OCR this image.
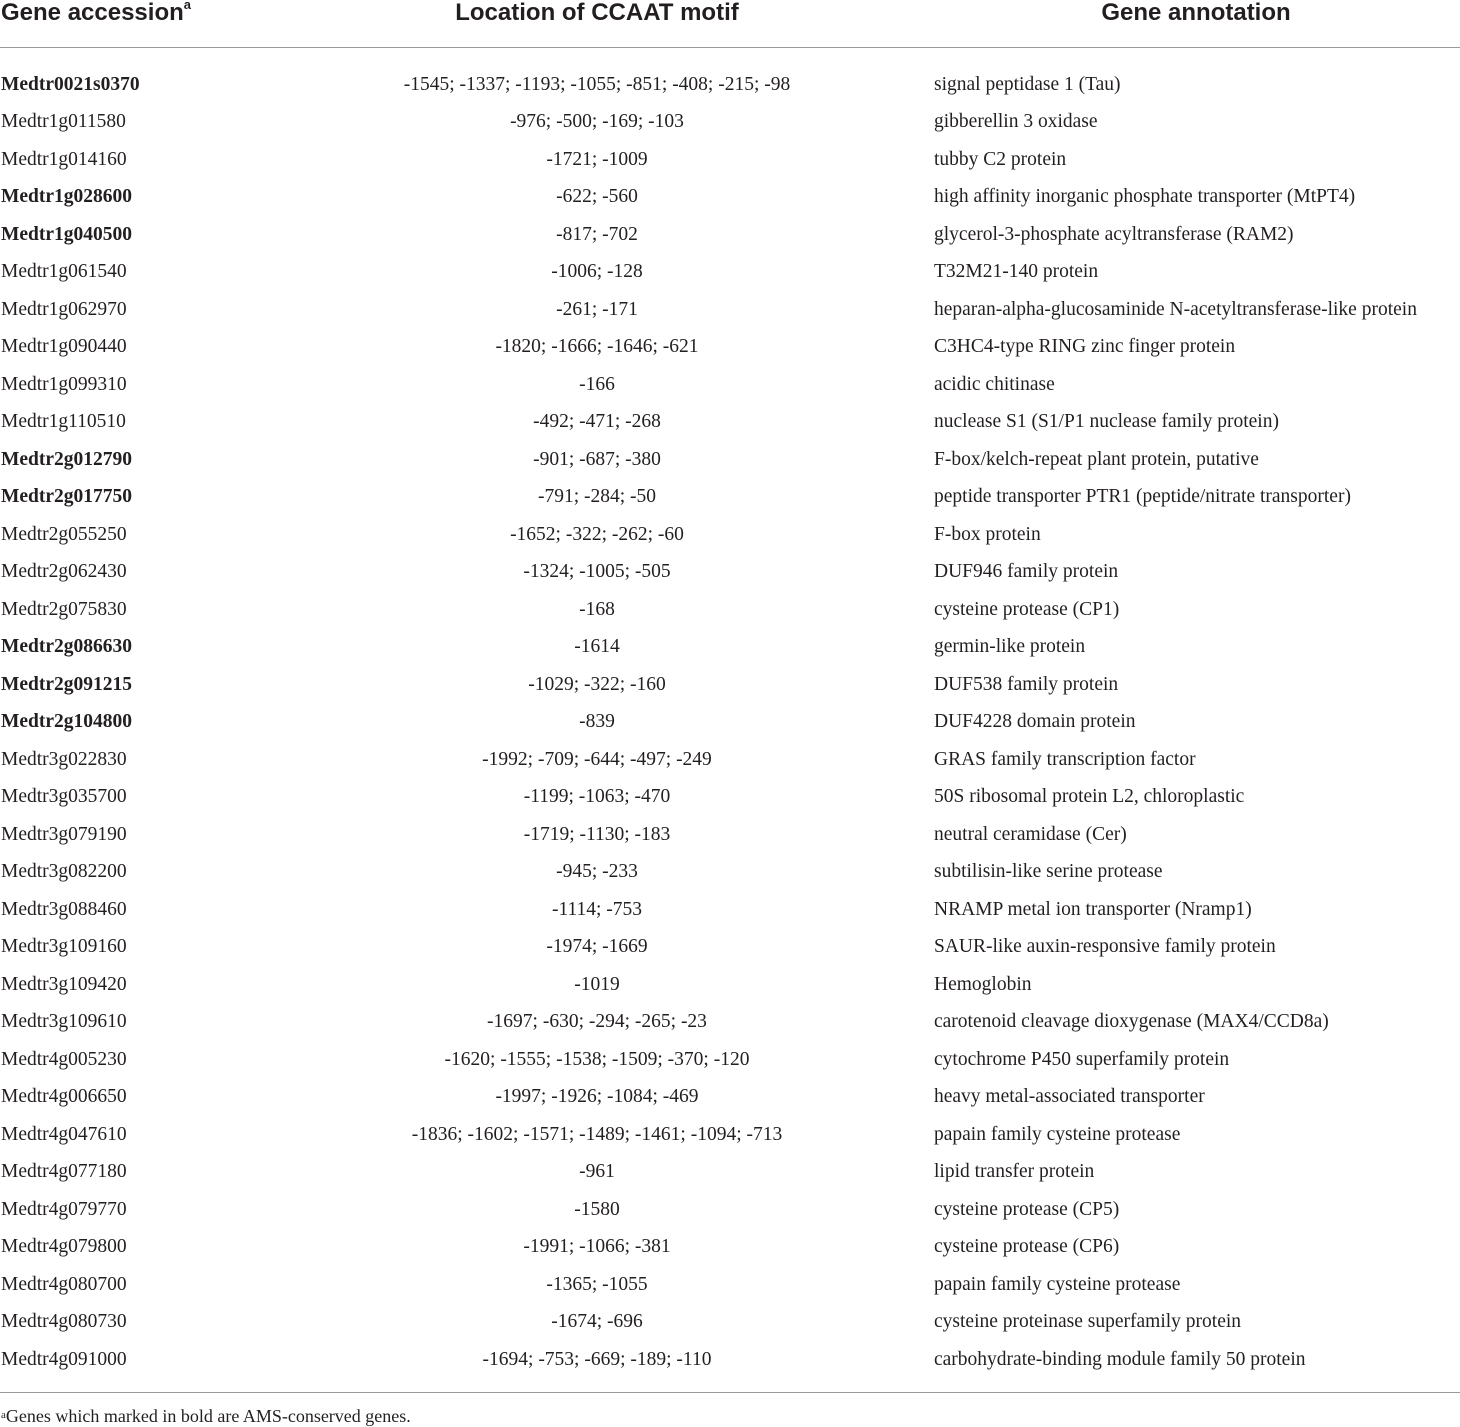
Gene accession$^a$	Location of CCAAT motif	Gene annotation
Medtr0021s0370	-1545; -1337; -1193; -1055; -851; -408; -215; -98	signal peptidase 1 (Tau)
Medtr1g011580	-976; -500; -169; -103	gibberellin 3 oxidase
Medtr1g014160	-1721; -1009	tubby C2 protein
Medtr1g028600	-622; -560	high affinity inorganic phosphate transporter (MtPT4)
Medtr1g040500	-817; -702	glycerol-3-phosphate acyltransferase (RAM2)
Medtr1g061540	-1006; -128	T32M21-140 protein
Medtr1g062970	-261; -171	heparan-alpha-glucosaminide N-acetyltransferase-like protein
Medtr1g090440	-1820; -1666; -1646; -621	C3HC4-type RING zinc finger protein
Medtr1g099310	-166	acidic chitinase
Medtr1g110510	-492; -471; -268	nuclease S1 (S1/P1 nuclease family protein)
Medtr2g012790	-901; -687; -380	F-box/kelch-repeat plant protein, putative
Medtr2g017750	-791; -284; -50	peptide transporter PTR1 (peptide/nitrate transporter)
Medtr2g055250	-1652; -322; -262; -60	F-box protein
Medtr2g062430	-1324; -1005; -505	DUF946 family protein
Medtr2g075830	-168	cysteine protease (CP1)
Medtr2g086630	-1614	germin-like protein
Medtr2g091215	-1029; -322; -160	DUF538 family protein
Medtr2g104800	-839	DUF4228 domain protein
Medtr3g022830	-1992; -709; -644; -497; -249	GRAS family transcription factor
Medtr3g035700	-1199; -1063; -470	50S ribosomal protein L2, chloroplastic
Medtr3g079190	-1719; -1130; -183	neutral ceramidase (Cer)
Medtr3g082200	-945; -233	subtilisin-like serine protease
Medtr3g088460	-1114; -753	NRAMP metal ion transporter (Nramp1)
Medtr3g109160	-1974; -1669	SAUR-like auxin-responsive family protein
Medtr3g109420	-1019	Hemoglobin
Medtr3g109610	-1697; -630; -294; -265; -23	carotenoid cleavage dioxygenase (MAX4/CCD8a)
Medtr4g005230	-1620; -1555; -1538; -1509; -370; -120	cytochrome P450 superfamily protein
Medtr4g006650	-1997; -1926; -1084; -469	heavy metal-associated transporter
Medtr4g047610	-1836; -1602; -1571; -1489; -1461; -1094; -713	papain family cysteine protease
Medtr4g077180	-961	lipid transfer protein
Medtr4g079770	-1580	cysteine protease (CP5)
Medtr4g079800	-1991; -1066; -381	cysteine protease (CP6)
Medtr4g080700	-1365; -1055	papain family cysteine protease
Medtr4g080730	-1674; -696	cysteine proteinase superfamily protein
Medtr4g091000	-1694; -753; -669; -189; -110	carbohydrate-binding module family 50 protein
$^a$Genes which marked in bold are AMS-conserved genes.
